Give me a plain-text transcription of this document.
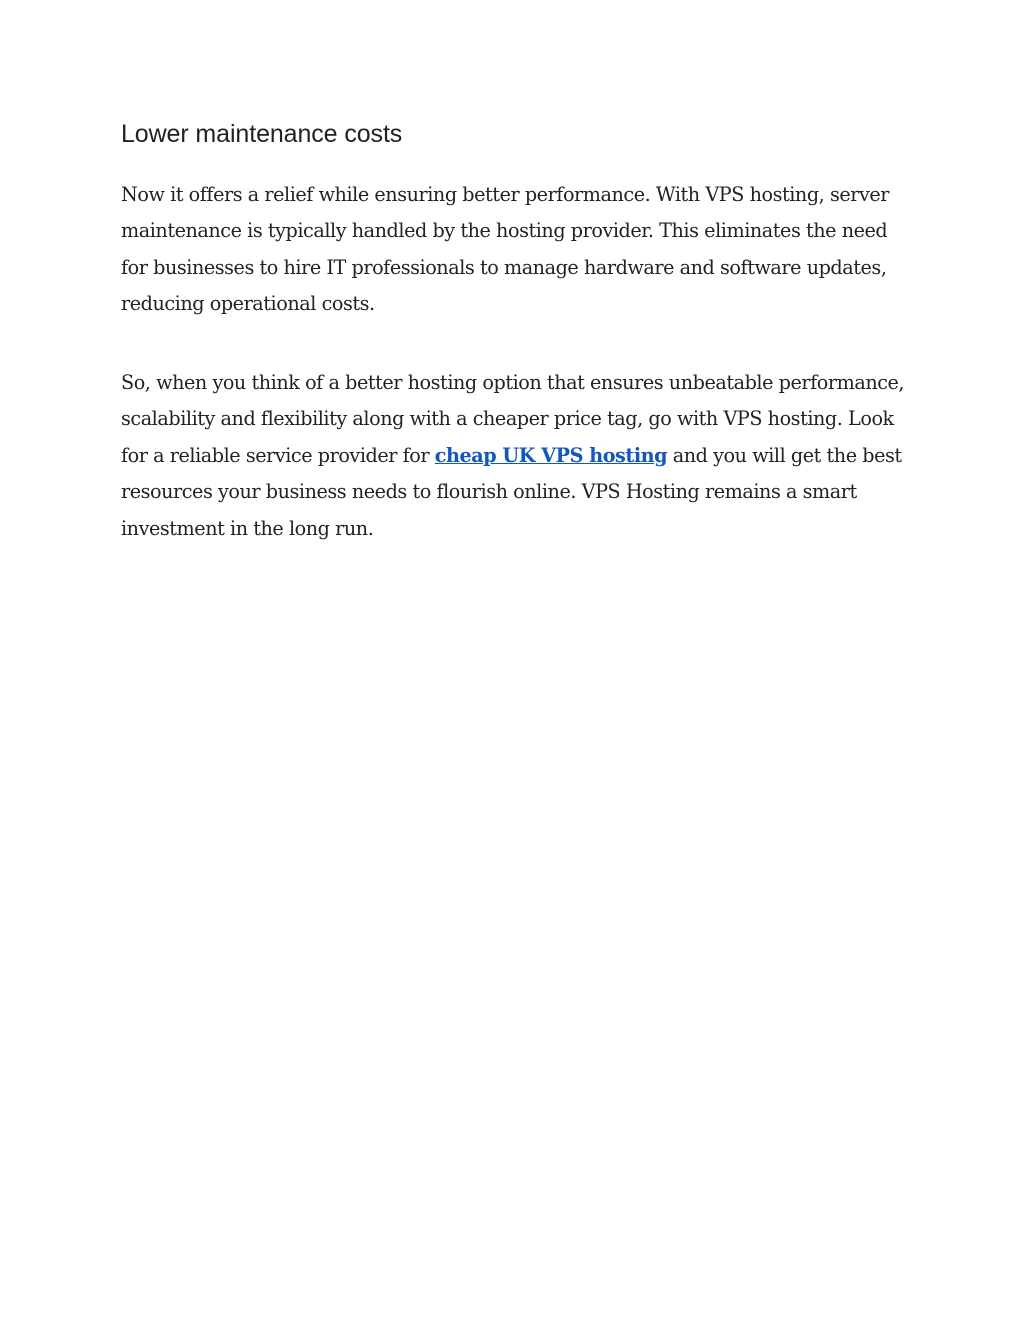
Lower maintenance costs

Now it offers a relief while ensuring better performance. With VPS hosting, server maintenance is typically handled by the hosting provider. This eliminates the need for businesses to hire IT professionals to manage hardware and software updates, reducing operational costs.

So, when you think of a better hosting option that ensures unbeatable performance, scalability and flexibility along with a cheaper price tag, go with VPS hosting. Look for a reliable service provider for cheap UK VPS hosting and you will get the best resources your business needs to flourish online. VPS Hosting remains a smart investment in the long run.
